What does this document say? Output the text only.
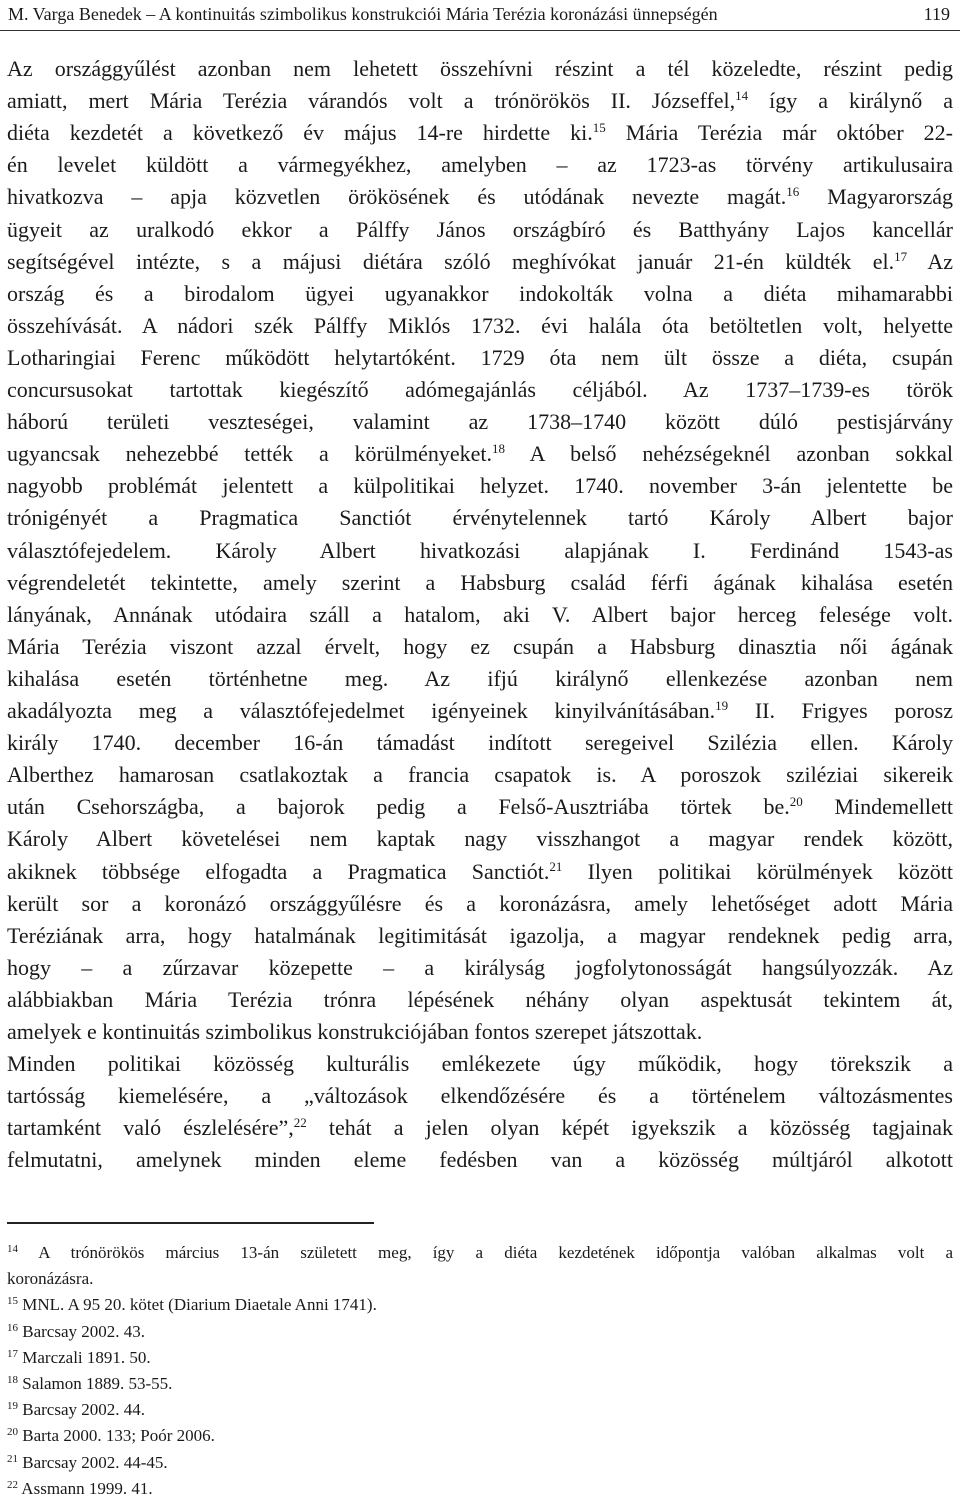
M. Varga Benedek – A kontinuitás szimbolikus konstrukciói Mária Terézia koronázási ünnepségén	119
Az országgyűlést azonban nem lehetett összehívni részint a tél közeledte, részint pedig
amiatt, mert Mária Terézia várandós volt a trónörökös II. Józseffel,$^{14}$ így a királynő a
diéta kezdetét a következő év május 14-re hirdette ki.$^{15}$ Mária Terézia már október 22-
én levelet küldött a vármegyékhez, amelyben – az 1723-as törvény artikulusaira
hivatkozva – apja közvetlen örökösének és utódának nevezte magát.$^{16}$ Magyarország
ügyeit az uralkodó ekkor a Pálffy János országbíró és Batthyány Lajos kancellár
segítségével intézte, s a májusi diétára szóló meghívókat január 21-én küldték el.$^{17}$ Az
ország és a birodalom ügyei ugyanakkor indokolták volna a diéta mihamarabbi
összehívását. A nádori szék Pálffy Miklós 1732. évi halála óta betöltetlen volt, helyette
Lotharingiai Ferenc működött helytartóként. 1729 óta nem ült össze a diéta, csupán
concursusokat tartottak kiegészítő adómegajánlás céljából. Az 1737–1739-es török
háború területi veszteségei, valamint az 1738–1740 között dúló pestisjárvány
ugyancsak nehezebbé tették a körülményeket.$^{18}$ A belső nehézségeknél azonban sokkal
nagyobb problémát jelentett a külpolitikai helyzet. 1740. november 3-án jelentette be
trónigényét a Pragmatica Sanctiót érvénytelennek tartó Károly Albert bajor
választófejedelem. Károly Albert hivatkozási alapjának I. Ferdinánd 1543-as
végrendeletét tekintette, amely szerint a Habsburg család férfi ágának kihalása esetén
lányának, Annának utódaira száll a hatalom, aki V. Albert bajor herceg felesége volt.
Mária Terézia viszont azzal érvelt, hogy ez csupán a Habsburg dinasztia női ágának
kihalása esetén történhetne meg. Az ifjú királynő ellenkezése azonban nem
akadályozta meg a választófejedelmet igényeinek kinyilvánításában.$^{19}$ II. Frigyes porosz
király 1740. december 16-án támadást indított seregeivel Szilézia ellen. Károly
Alberthez hamarosan csatlakoztak a francia csapatok is. A poroszok sziléziai sikereik
után Csehországba, a bajorok pedig a Felső-Ausztriába törtek be.$^{20}$ Mindemellett
Károly Albert követelései nem kaptak nagy visszhangot a magyar rendek között,
akiknek többsége elfogadta a Pragmatica Sanctiót.$^{21}$ Ilyen politikai körülmények között
került sor a koronázó országgyűlésre és a koronázásra, amely lehetőséget adott Mária
Teréziának arra, hogy hatalmának legitimitását igazolja, a magyar rendeknek pedig arra,
hogy – a zűrzavar közepette – a királyság jogfolytonosságát hangsúlyozzák. Az
alábbiakban Mária Terézia trónra lépésének néhány olyan aspektusát tekintem át,
amelyek e kontinuitás szimbolikus konstrukciójában fontos szerepet játszottak.
Minden politikai közösség kulturális emlékezete úgy működik, hogy törekszik a
tartósság kiemelésére, a „változások elkendőzésére és a történelem változásmentes
tartamként való észlelésére”,$^{22}$ tehát a jelen olyan képét igyekszik a közösség tagjainak
felmutatni, amelynek minden eleme fedésben van a közösség múltjáról alkotott
$^{14}$ A trónörökös március 13-án született meg, így a diéta kezdetének időpontja valóban alkalmas volt a
koronázásra.
$^{15}$ MNL. A 95 20. kötet (Diarium Diaetale Anni 1741).
$^{16}$ Barcsay 2002. 43.
$^{17}$ Marczali 1891. 50.
$^{18}$ Salamon 1889. 53-55.
$^{19}$ Barcsay 2002. 44.
$^{20}$ Barta 2000. 133; Poór 2006.
$^{21}$ Barcsay 2002. 44-45.
$^{22}$ Assmann 1999. 41.
